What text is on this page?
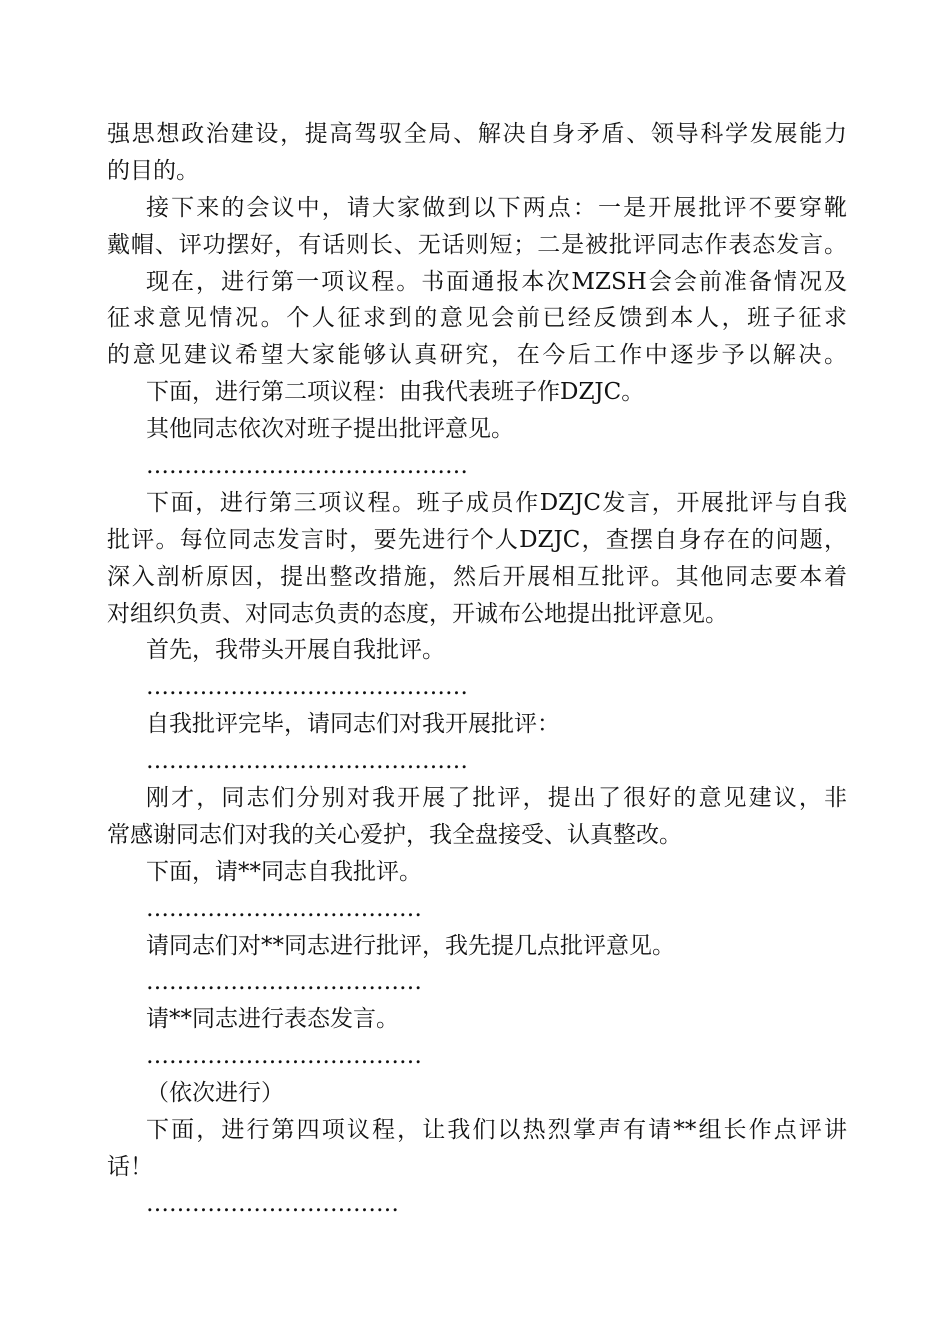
强思想政治建设，提高驾驭全局、解决自身矛盾、领导科学发展能力
的目的。
接下来的会议中，请大家做到以下两点：一是开展批评不要穿靴
戴帽、评功摆好，有话则长、无话则短；二是被批评同志作表态发言。
现在，进行第一项议程。书面通报本次MZSH会会前准备情况及
征求意见情况。个人征求到的意见会前已经反馈到本人，班子征求
的意见建议希望大家能够认真研究，在今后工作中逐步予以解决。
下面，进行第二项议程：由我代表班子作DZJC。
其他同志依次对班子提出批评意见。
……………………………………
下面，进行第三项议程。班子成员作DZJC发言，开展批评与自我
批评。每位同志发言时，要先进行个人DZJC，查摆自身存在的问题，
深入剖析原因，提出整改措施，然后开展相互批评。其他同志要本着
对组织负责、对同志负责的态度，开诚布公地提出批评意见。
首先，我带头开展自我批评。
……………………………………
自我批评完毕，请同志们对我开展批评：
……………………………………
刚才，同志们分别对我开展了批评，提出了很好的意见建议，非
常感谢同志们对我的关心爱护，我全盘接受、认真整改。
下面，请**同志自我批评。
………………………………
请同志们对**同志进行批评，我先提几点批评意见。
………………………………
请**同志进行表态发言。
………………………………
（依次进行）
下面，进行第四项议程，让我们以热烈掌声有请**组长作点评讲
话！
……………………………
